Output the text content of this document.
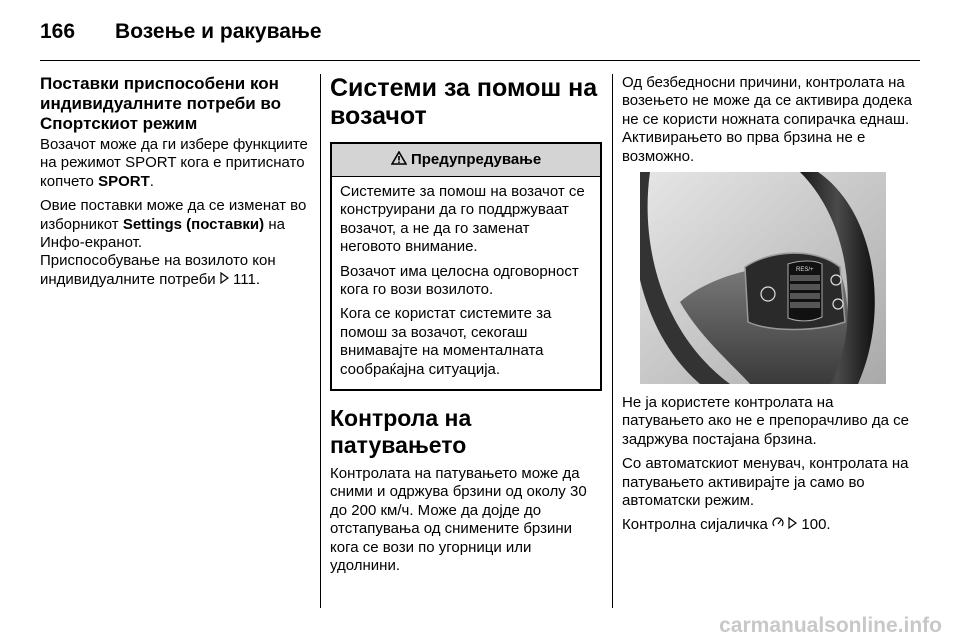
166 Возење и ракување
Поставки приспособени кон индивидуалните потреби во Спортскиот режим

Возачот може да ги избере функциите на режимот SPORT кога е притиснато копчето SPORT.

Овие поставки може да се изменат во изборникот Settings (поставки) на Инфо-екранот.

Приспособување на возилото кон индивидуалните потреби  111.

Системи за помош на возачот
Предупредување

Системите за помош на возачот се конструирани да го поддржуваат возачот, а не да го заменат неговото внимание.

Возачот има целосна одговорност кога го вози возилото.

Кога се користат системите за помош за возачот, секогаш внимавајте на моменталната сообраќајна ситуација.

Контрола на патувањето

Контролата на патувањето може да сними и одржува брзини од околу 30 до 200 км/ч. Може да дојде до отстапувања од снимените брзини кога се вози по угорници или удолнини.

Од безбедносни причини, контролата на возењето не може да се активира додека не се користи ножната сопирачка еднаш. Активирањето во прва брзина не е возможно.

RES/+

Не ја користете контролата на патувањето ако не е препорачливо да се задржува постајана брзина.

Со автоматскиот менувач, контролата на патувањето активирајте ја само во автоматски режим.

Контролна сијаличка   100.

carmanualsonline.info
